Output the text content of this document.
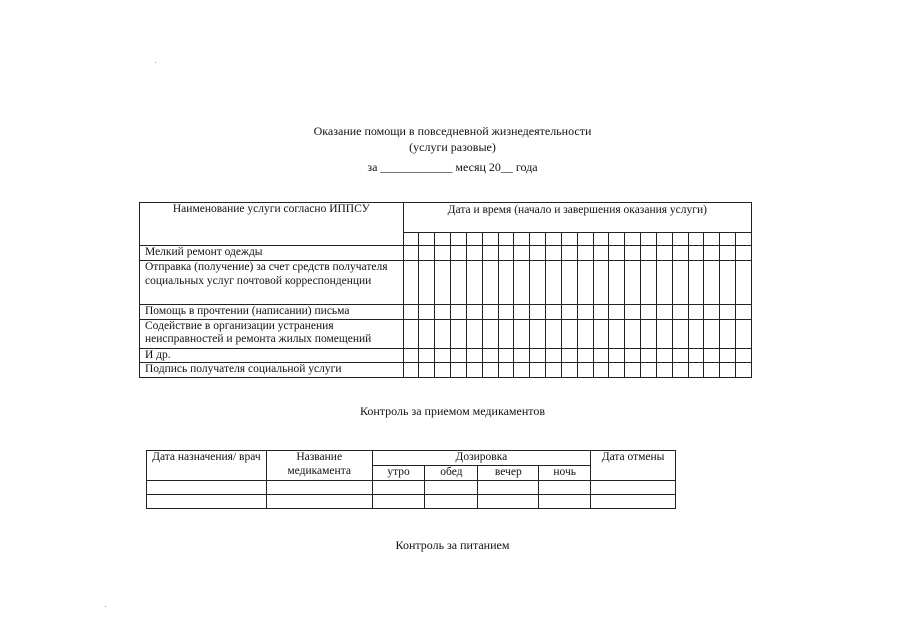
Оказание помощи в повседневной жизнедеятельности
(услуги разовые)
за ____________ месяц 20__ года
Наименование услуги согласно ИППСУ	Дата и время (начало и завершения оказания услуги)																					

Мелкий ремонт одежды																						
Отправка (получение) за счет средств получателя социальных услуг почтовой корреспонденции																						
Помощь в прочтении (написании) письма																						
Содействие в организации устранения неисправностей и ремонта жилых помещений																						
И др.																						
Подпись получателя социальной услуги																						
Контроль за приемом медикаментов
Дата назначения/ врач	Название медикамента	Дозировка				Дата отмены
		утро	обед	вечер	ночь	

Контроль за питанием
